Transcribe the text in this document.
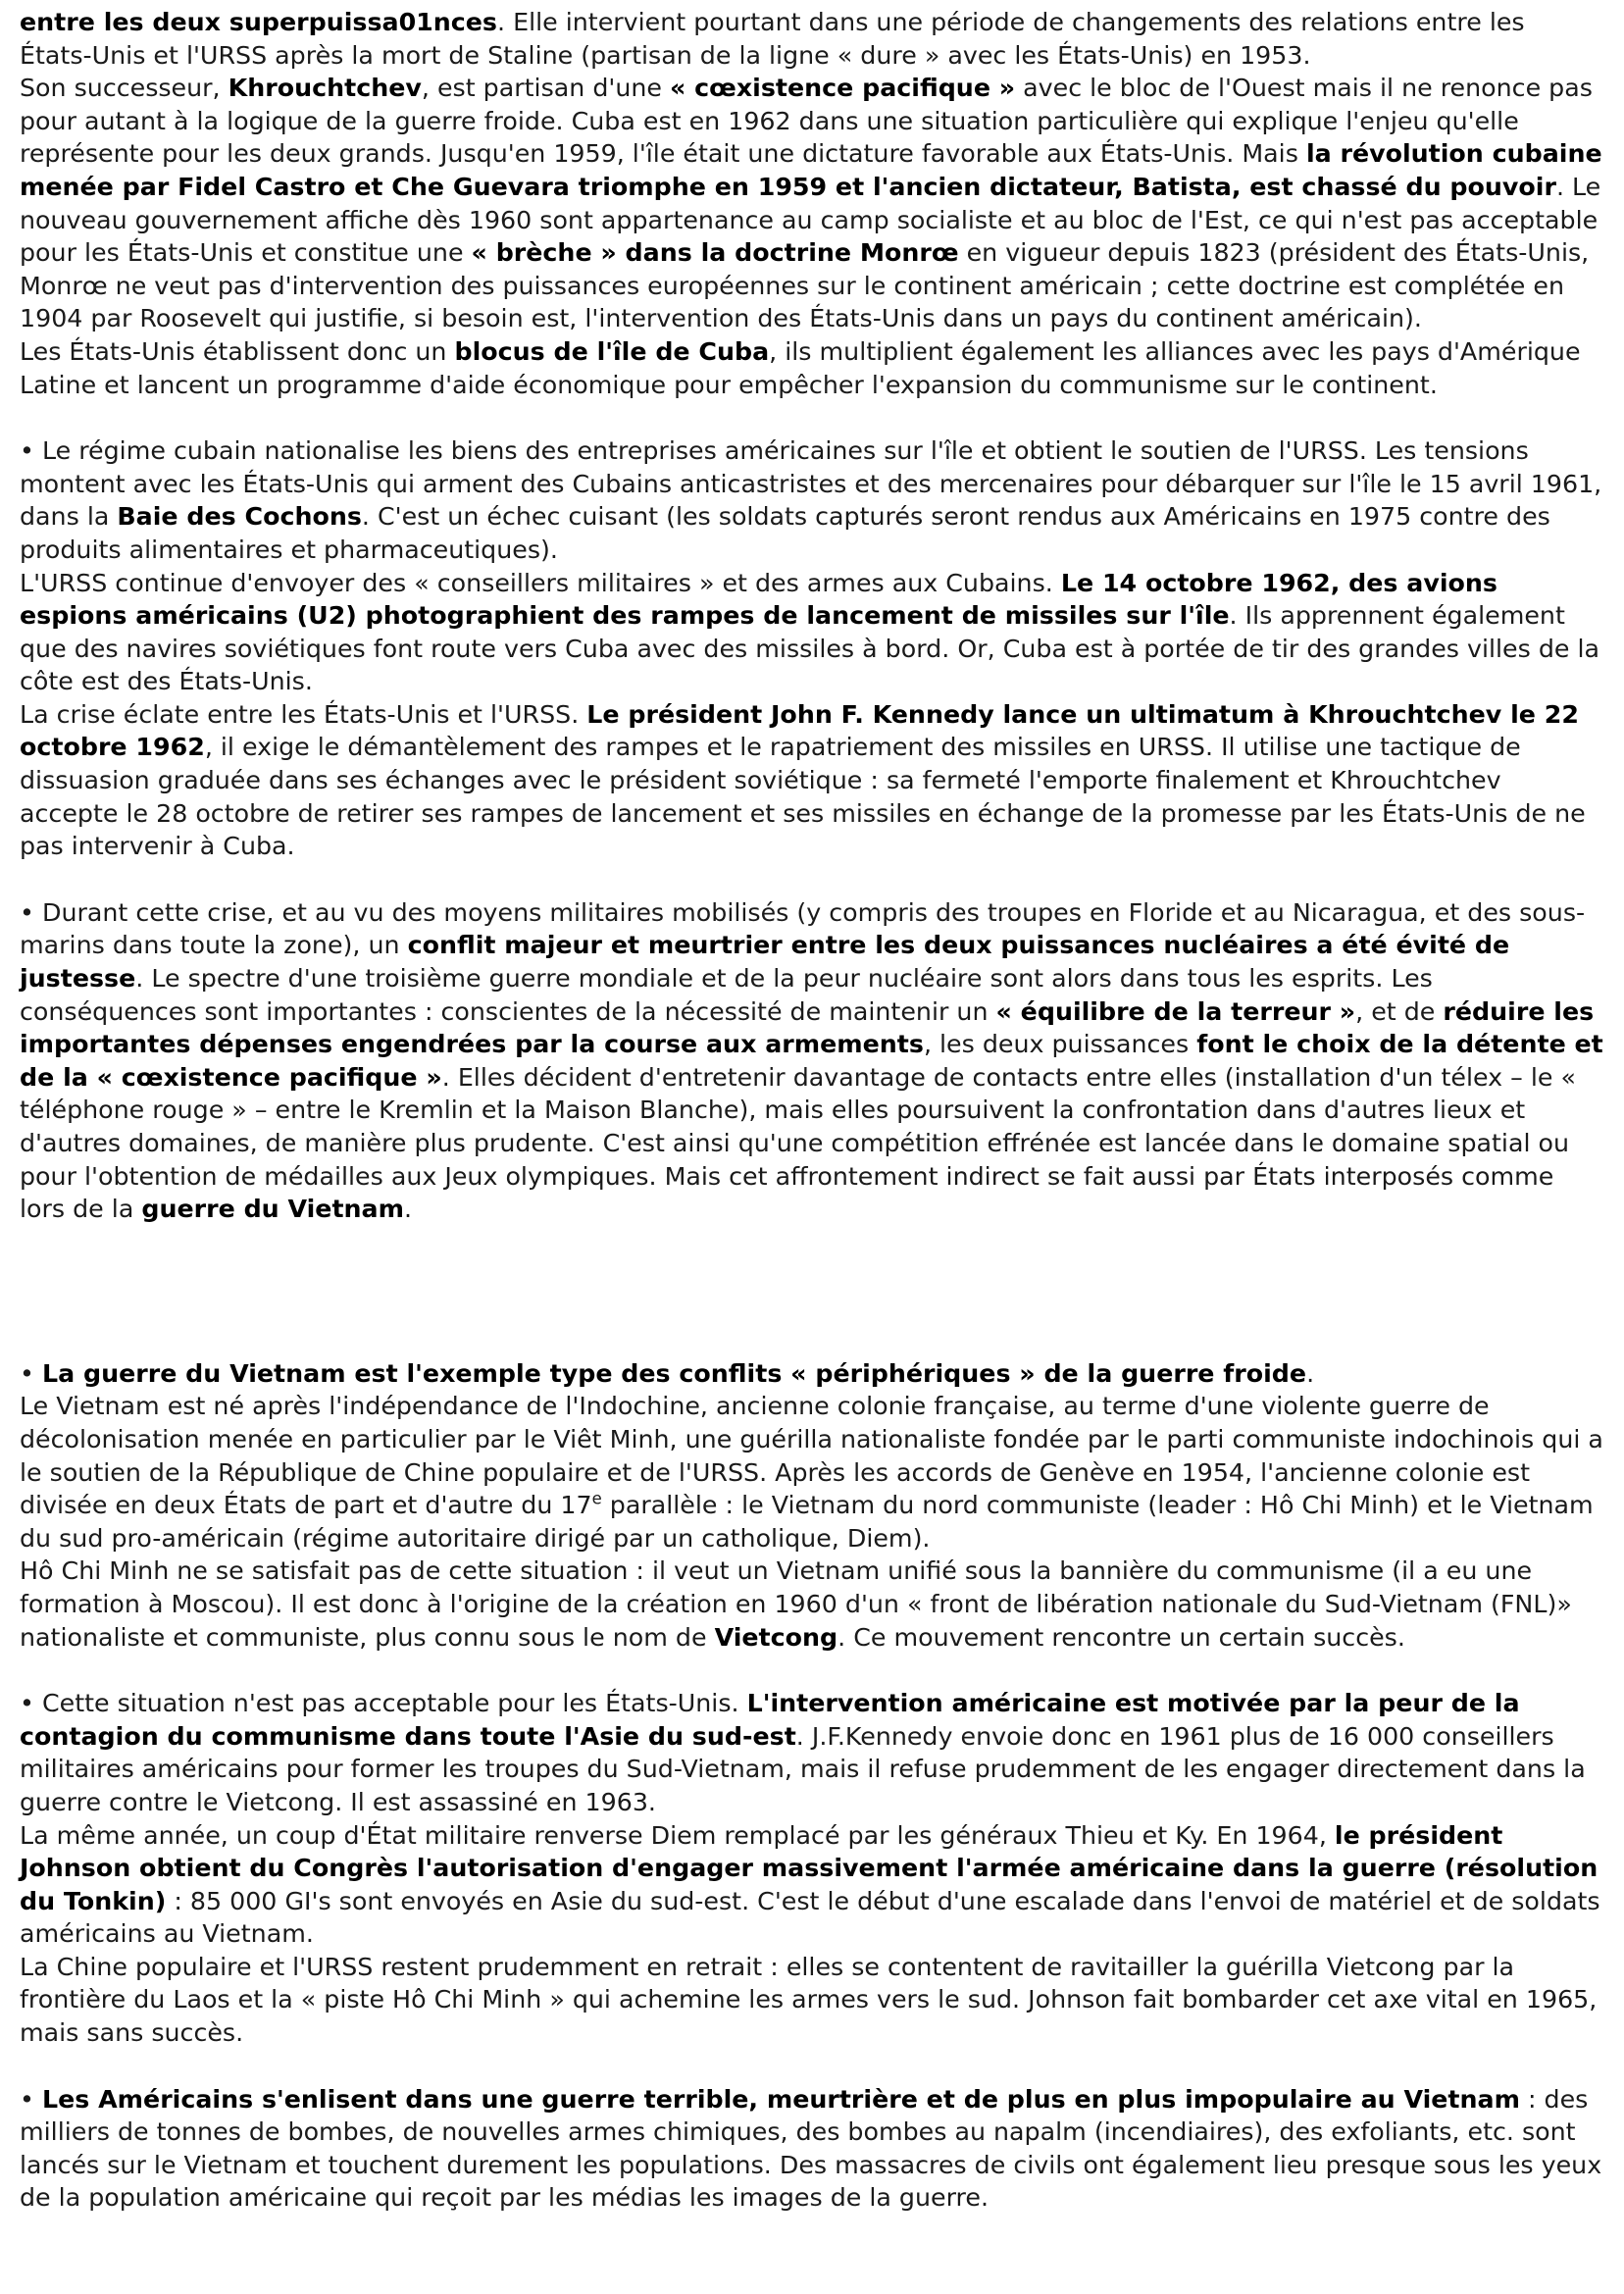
entre les deux superpuissa01nces. Elle intervient pourtant dans une période de changements des relations entre les États-Unis et l'URSS après la mort de Staline (partisan de la ligne « dure » avec les États-Unis) en 1953.

Son successeur, Khrouchtchev, est partisan d'une « cœxistence pacifique » avec le bloc de l'Ouest mais il ne renonce pas pour autant à la logique de la guerre froide. Cuba est en 1962 dans une situation particulière qui explique l'enjeu qu'elle représente pour les deux grands. Jusqu'en 1959, l'île était une dictature favorable aux États-Unis. Mais la révolution cubaine menée par Fidel Castro et Che Guevara triomphe en 1959 et l'ancien dictateur, Batista, est chassé du pouvoir. Le nouveau gouvernement affiche dès 1960 sont appartenance au camp socialiste et au bloc de l'Est, ce qui n'est pas acceptable pour les États-Unis et constitue une « brèche » dans la doctrine Monrœ en vigueur depuis 1823 (président des États-Unis, Monrœ ne veut pas d'intervention des puissances européennes sur le continent américain ; cette doctrine est complétée en 1904 par Roosevelt qui justifie, si besoin est, l'intervention des États-Unis dans un pays du continent américain).

Les États-Unis établissent donc un blocus de l'île de Cuba, ils multiplient également les alliances avec les pays d'Amérique Latine et lancent un programme d'aide économique pour empêcher l'expansion du communisme sur le continent.

• Le régime cubain nationalise les biens des entreprises américaines sur l'île et obtient le soutien de l'URSS. Les tensions montent avec les États-Unis qui arment des Cubains anticastristes et des mercenaires pour débarquer sur l'île le 15 avril 1961, dans la Baie des Cochons. C'est un échec cuisant (les soldats capturés seront rendus aux Américains en 1975 contre des produits alimentaires et pharmaceutiques).

L'URSS continue d'envoyer des « conseillers militaires » et des armes aux Cubains. Le 14 octobre 1962, des avions espions américains (U2) photographient des rampes de lancement de missiles sur l'île. Ils apprennent également que des navires soviétiques font route vers Cuba avec des missiles à bord. Or, Cuba est à portée de tir des grandes villes de la côte est des États-Unis.

La crise éclate entre les États-Unis et l'URSS. Le président John F. Kennedy lance un ultimatum à Khrouchtchev le 22 octobre 1962, il exige le démantèlement des rampes et le rapatriement des missiles en URSS. Il utilise une tactique de dissuasion graduée dans ses échanges avec le président soviétique : sa fermeté l'emporte finalement et Khrouchtchev accepte le 28 octobre de retirer ses rampes de lancement et ses missiles en échange de la promesse par les États-Unis de ne pas intervenir à Cuba.

• Durant cette crise, et au vu des moyens militaires mobilisés (y compris des troupes en Floride et au Nicaragua, et des sous-marins dans toute la zone), un conflit majeur et meurtrier entre les deux puissances nucléaires a été évité de justesse. Le spectre d'une troisième guerre mondiale et de la peur nucléaire sont alors dans tous les esprits. Les conséquences sont importantes : conscientes de la nécessité de maintenir un « équilibre de la terreur », et de réduire les importantes dépenses engendrées par la course aux armements, les deux puissances font le choix de la détente et de la « cœxistence pacifique ». Elles décident d'entretenir davantage de contacts entre elles (installation d'un télex – le « téléphone rouge » – entre le Kremlin et la Maison Blanche), mais elles poursuivent la confrontation dans d'autres lieux et d'autres domaines, de manière plus prudente. C'est ainsi qu'une compétition effrénée est lancée dans le domaine spatial ou pour l'obtention de médailles aux Jeux olympiques. Mais cet affrontement indirect se fait aussi par États interposés comme lors de la guerre du Vietnam.

• La guerre du Vietnam est l'exemple type des conflits « périphériques » de la guerre froide.

Le Vietnam est né après l'indépendance de l'Indochine, ancienne colonie française, au terme d'une violente guerre de décolonisation menée en particulier par le Viêt Minh, une guérilla nationaliste fondée par le parti communiste indochinois qui a le soutien de la République de Chine populaire et de l'URSS. Après les accords de Genève en 1954, l'ancienne colonie est divisée en deux États de part et d'autre du 17e parallèle : le Vietnam du nord communiste (leader : Hô Chi Minh) et le Vietnam du sud pro-américain (régime autoritaire dirigé par un catholique, Diem).

Hô Chi Minh ne se satisfait pas de cette situation : il veut un Vietnam unifié sous la bannière du communisme (il a eu une formation à Moscou). Il est donc à l'origine de la création en 1960 d'un « front de libération nationale du Sud-Vietnam (FNL)» nationaliste et communiste, plus connu sous le nom de Vietcong. Ce mouvement rencontre un certain succès.

• Cette situation n'est pas acceptable pour les États-Unis. L'intervention américaine est motivée par la peur de la contagion du communisme dans toute l'Asie du sud-est. J.F.Kennedy envoie donc en 1961 plus de 16 000 conseillers militaires américains pour former les troupes du Sud-Vietnam, mais il refuse prudemment de les engager directement dans la guerre contre le Vietcong. Il est assassiné en 1963.

La même année, un coup d'État militaire renverse Diem remplacé par les généraux Thieu et Ky. En 1964, le président Johnson obtient du Congrès l'autorisation d'engager massivement l'armée américaine dans la guerre (résolution du Tonkin) : 85 000 GI's sont envoyés en Asie du sud-est. C'est le début d'une escalade dans l'envoi de matériel et de soldats américains au Vietnam.

La Chine populaire et l'URSS restent prudemment en retrait : elles se contentent de ravitailler la guérilla Vietcong par la frontière du Laos et la « piste Hô Chi Minh » qui achemine les armes vers le sud. Johnson fait bombarder cet axe vital en 1965, mais sans succès.

• Les Américains s'enlisent dans une guerre terrible, meurtrière et de plus en plus impopulaire au Vietnam : des milliers de tonnes de bombes, de nouvelles armes chimiques, des bombes au napalm (incendiaires), des exfoliants, etc. sont lancés sur le Vietnam et touchent durement les populations. Des massacres de civils ont également lieu presque sous les yeux de la population américaine qui reçoit par les médias les images de la guerre.
